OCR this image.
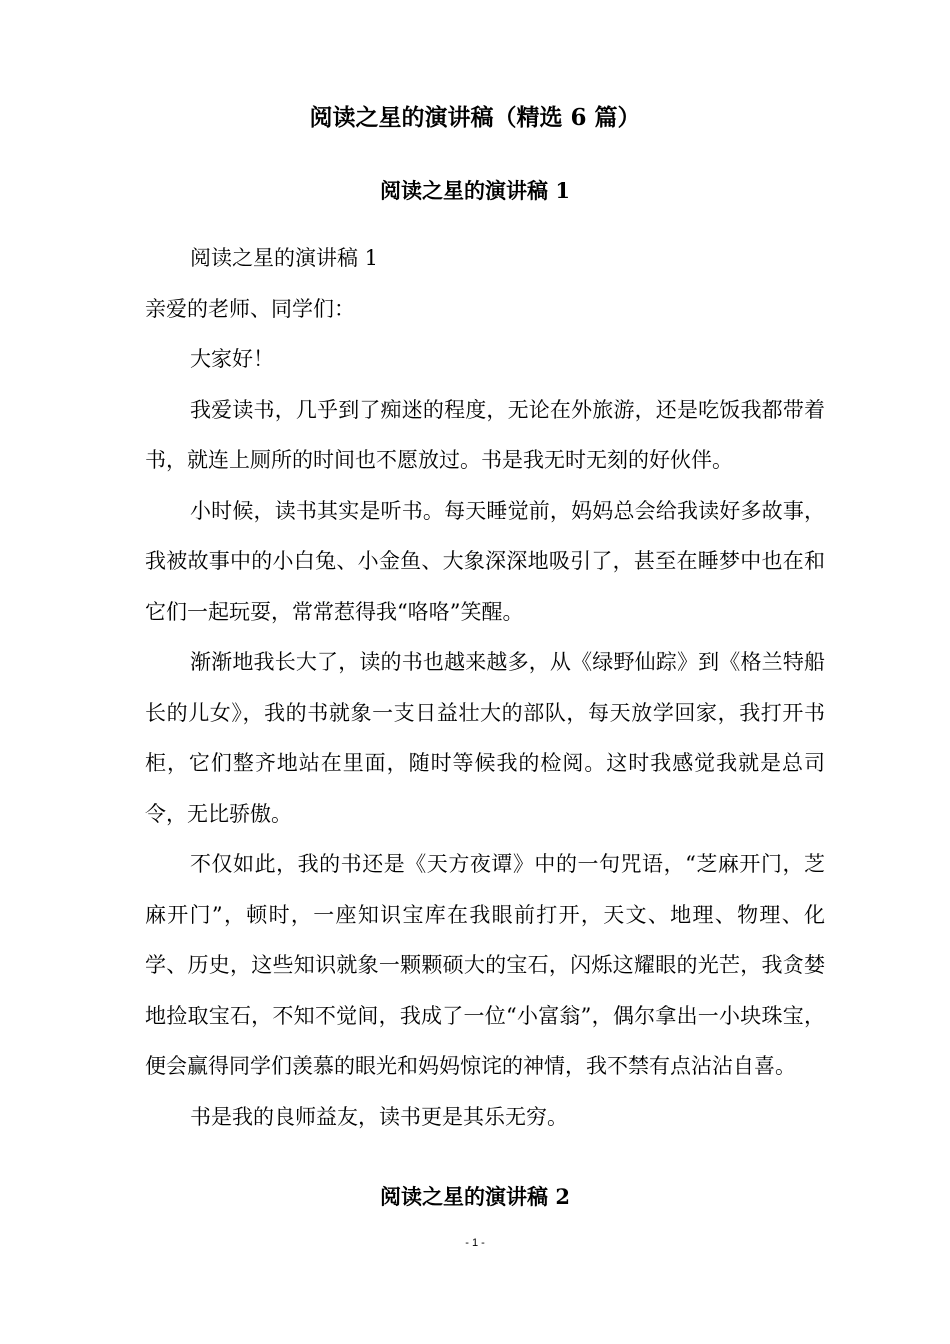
阅读之星的演讲稿（精选 6 篇）
阅读之星的演讲稿 1

阅读之星的演讲稿 1

亲爱的老师、同学们：

大家好！

我爱读书，几乎到了痴迷的程度，无论在外旅游，还是吃饭我都带着书，就连上厕所的时间也不愿放过。书是我无时无刻的好伙伴。

小时候，读书其实是听书。每天睡觉前，妈妈总会给我读好多故事，我被故事中的小白兔、小金鱼、大象深深地吸引了，甚至在睡梦中也在和它们一起玩耍，常常惹得我“咯咯”笑醒。

渐渐地我长大了，读的书也越来越多，从《绿野仙踪》到《格兰特船长的儿女》，我的书就象一支日益壮大的部队，每天放学回家，我打开书柜，它们整齐地站在里面，随时等候我的检阅。这时我感觉我就是总司令，无比骄傲。

不仅如此，我的书还是《天方夜谭》中的一句咒语，“芝麻开门，芝麻开门”，顿时，一座知识宝库在我眼前打开，天文、地理、物理、化学、历史，这些知识就象一颗颗硕大的宝石，闪烁这耀眼的光芒，我贪婪地捡取宝石，不知不觉间，我成了一位“小富翁”，偶尔拿出一小块珠宝，便会赢得同学们羡慕的眼光和妈妈惊诧的神情，我不禁有点沾沾自喜。

书是我的良师益友，读书更是其乐无穷。

阅读之星的演讲稿 2
- 1 -
